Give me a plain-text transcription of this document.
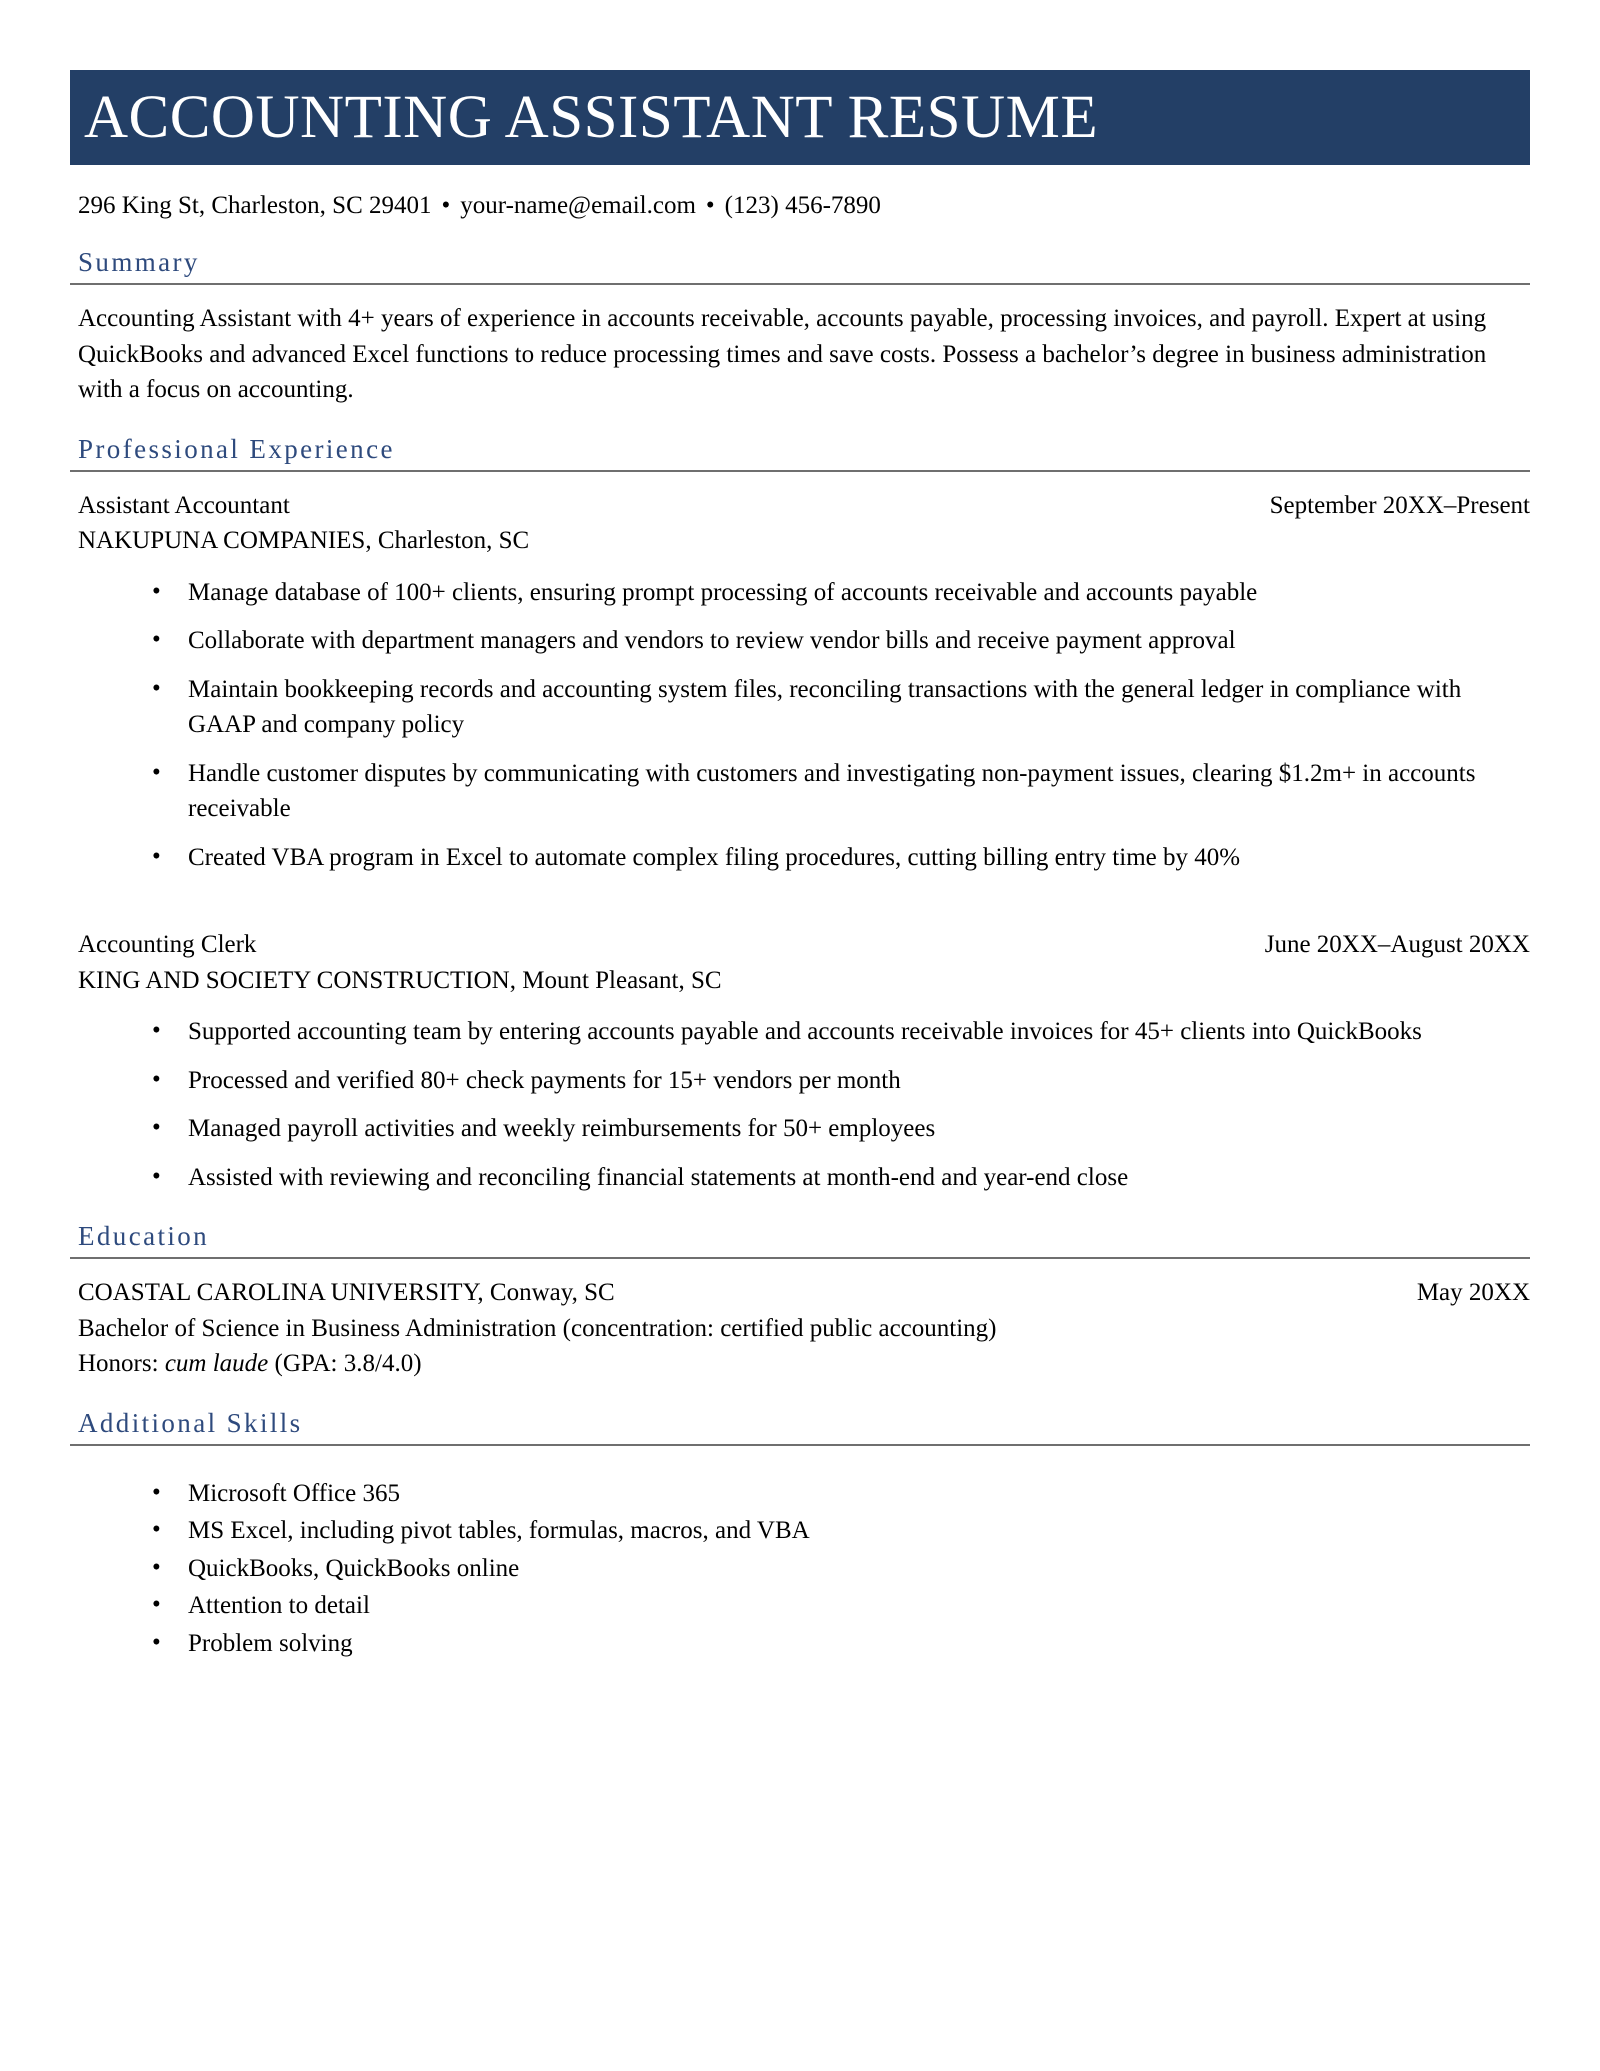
ACCOUNTING ASSISTANT RESUME
296 King St, Charleston, SC 29401 • your-name@email.com • (123) 456-7890
Summary
Accounting Assistant with 4+ years of experience in accounts receivable, accounts payable, processing invoices, and payroll. Expert at using QuickBooks and advanced Excel functions to reduce processing times and save costs. Possess a bachelor’s degree in business administration with a focus on accounting.
Professional Experience
Assistant Accountant	September 20XX–Present
NAKUPUNA COMPANIES, Charleston, SC
• Manage database of 100+ clients, ensuring prompt processing of accounts receivable and accounts payable
• Collaborate with department managers and vendors to review vendor bills and receive payment approval
• Maintain bookkeeping records and accounting system files, reconciling transactions with the general ledger in compliance with GAAP and company policy
• Handle customer disputes by communicating with customers and investigating non-payment issues, clearing $1.2m+ in accounts receivable
• Created VBA program in Excel to automate complex filing procedures, cutting billing entry time by 40%
Accounting Clerk	June 20XX–August 20XX
KING AND SOCIETY CONSTRUCTION, Mount Pleasant, SC
• Supported accounting team by entering accounts payable and accounts receivable invoices for 45+ clients into QuickBooks
• Processed and verified 80+ check payments for 15+ vendors per month
• Managed payroll activities and weekly reimbursements for 50+ employees
• Assisted with reviewing and reconciling financial statements at month-end and year-end close
Education
COASTAL CAROLINA UNIVERSITY, Conway, SC	May 20XX
Bachelor of Science in Business Administration (concentration: certified public accounting)
Honors: cum laude (GPA: 3.8/4.0)
Additional Skills
• Microsoft Office 365
• MS Excel, including pivot tables, formulas, macros, and VBA
• QuickBooks, QuickBooks online
• Attention to detail
• Problem solving
